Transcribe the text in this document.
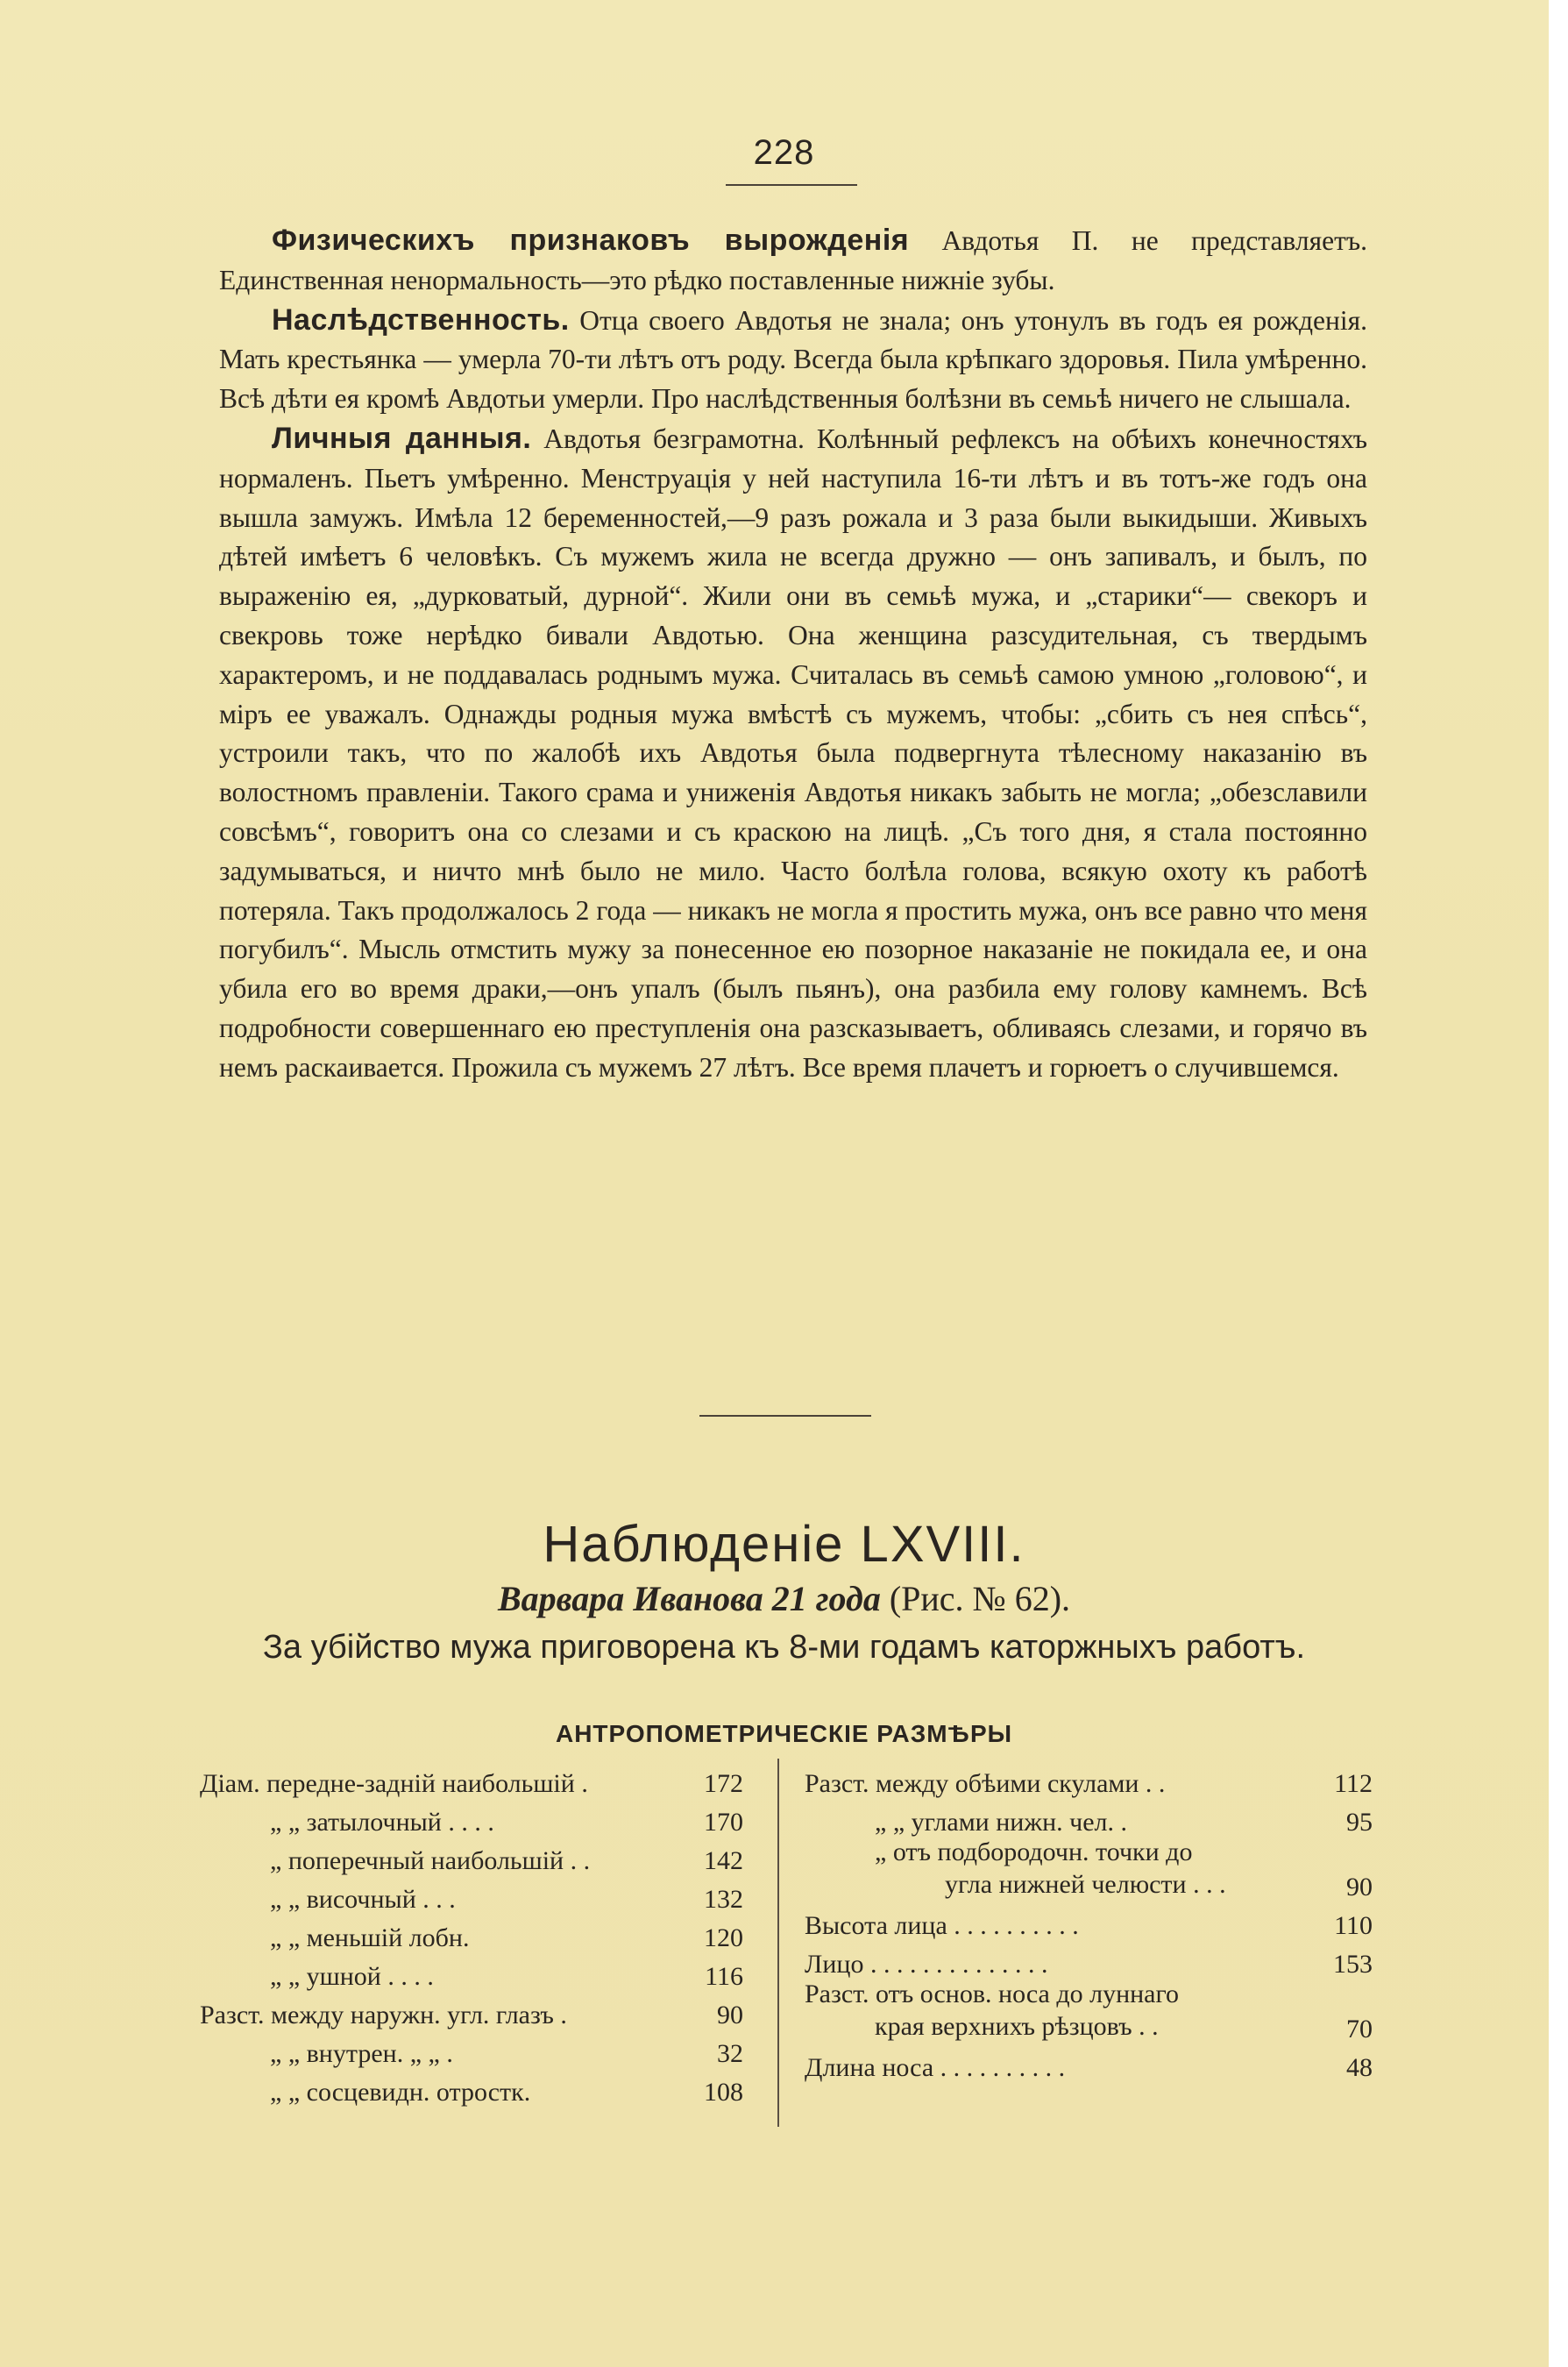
228

Физическихъ признаковъ вырожденія Авдотья П. не представляетъ. Единственная ненормальность—это рѣдко поставленные нижніе зубы.

Наслѣдственность. Отца своего Авдотья не знала; онъ утонулъ въ годъ ея рожденія. Мать крестьянка — умерла 70-ти лѣтъ отъ роду. Всегда была крѣпкаго здоровья. Пила умѣренно. Всѣ дѣти ея кромѣ Авдотьи умерли. Про наслѣдственныя болѣзни въ семьѣ ничего не слышала.

Личныя данныя. Авдотья безграмотна. Колѣнный рефлексъ на обѣихъ конечностяхъ нормаленъ. Пьетъ умѣренно. Менструація у ней наступила 16-ти лѣтъ и въ тотъ-же годъ она вышла замужъ. Имѣла 12 беременностей,—9 разъ рожала и 3 раза были выкидыши. Живыхъ дѣтей имѣетъ 6 человѣкъ. Съ мужемъ жила не всегда дружно — онъ запивалъ, и былъ, по выраженію ея, „дурковатый, дурной“. Жили они въ семьѣ мужа, и „старики“— свекоръ и свекровь тоже нерѣдко бивали Авдотью. Она женщина разсудительная, съ твердымъ характеромъ, и не поддавалась роднымъ мужа. Считалась въ семьѣ самою умною „головою“, и міръ ее уважалъ. Однажды родныя мужа вмѣстѣ съ мужемъ, чтобы: „сбить съ нея спѣсь“, устроили такъ, что по жалобѣ ихъ Авдотья была подвергнута тѣлесному наказанію въ волостномъ правленіи. Такого срама и униженія Авдотья никакъ забыть не могла; „обезславили совсѣмъ“, говоритъ она со слезами и съ краскою на лицѣ. „Съ того дня, я стала постоянно задумываться, и ничто мнѣ было не мило. Часто болѣла голова, всякую охоту къ работѣ потеряла. Такъ продолжалось 2 года — никакъ не могла я простить мужа, онъ все равно что меня погубилъ“. Мысль отмстить мужу за понесенное ею позорное наказаніе не покидала ее, и она убила его во время драки,—онъ упалъ (былъ пьянъ), она разбила ему голову камнемъ. Всѣ подробности совершеннаго ею преступленія она разсказываетъ, обливаясь слезами, и горячо въ немъ раскаивается. Прожила съ мужемъ 27 лѣтъ. Все время плачетъ и горюетъ о случившемся.

Наблюденіе LXVIII.
Варвара Иванова 21 года (Рис. № 62).
За убійство мужа приговорена къ 8-ми годамъ каторжныхъ работъ.
АНТРОПОМЕТРИЧЕСКІЕ РАЗМѢРЫ
Діам. передне-задній наибольшій .	172
„ „ затылочный . . . .	170
„ поперечный наибольшій . .	142
„ „ височный . . .	132
„ „ меньшій лобн.	120
„ „ ушной . . . .	116
Разст. между наружн. угл. глазъ .	90
„ „ внутрен. „ „ .	32
„ „ сосцевидн. отростк.	108
Разст. между обѣими скулами . .	112
„ „ углами нижн. чел. .	95
„ отъ подбородочн. точки до
угла нижней челюсти . . .	90
Высота лица . . . . . . . . . .	110
Лицо . . . . . . . . . . . . . .	153
Разст. отъ основ. носа до луннаго
края верхнихъ рѣзцовъ . .	70
Длина носа . . . . . . . . . .	48
